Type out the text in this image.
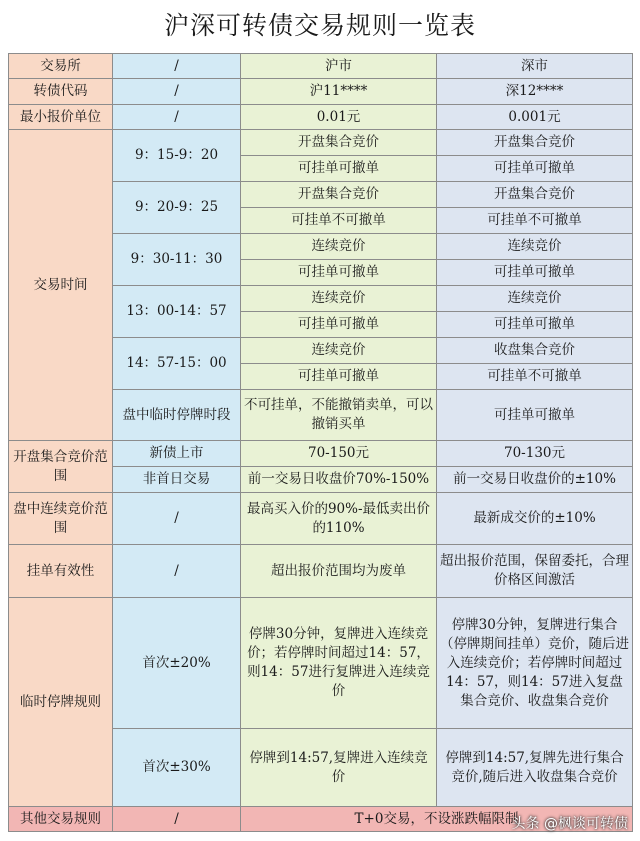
沪深可转债交易规则一览表
交易所	/	沪市	深市
转债代码	/	沪11****	深12****
最小报价单位	/	0.01元	0.001元
交易时间	9：15-9：20	开盘集合竞价	开盘集合竞价
		可挂单可撤单	可挂单可撤单
	9：20-9：25	开盘集合竞价	开盘集合竞价
		可挂单不可撤单	可挂单不可撤单
	9：30-11：30	连续竞价	连续竞价
		可挂单可撤单	可挂单可撤单
	13：00-14：57	连续竞价	连续竞价
		可挂单可撤单	可挂单可撤单
	14：57-15：00	连续竞价	收盘集合竞价
		可挂单可撤单	可挂单不可撤单
	盘中临时停牌时段	不可挂单，不能撤销卖单，可以撤销买单	可挂单可撤单

开盘集合竞价范围	新债上市	70-150元	70-130元
	非首日交易	前一交易日收盘价70%-150%	前一交易日收盘价的±10%
盘中连续竞价范围	/	最高买入价的90%-最低卖出价的110%	最新成交价的±10%
挂单有效性	/	超出报价范围均为废单	超出报价范围，保留委托，合理价格区间激活
临时停牌规则	首次±20%	停牌30分钟，复牌进入连续竞价；若停牌时间超过14：57，则14：57进行复牌进入连续竞价	停牌30分钟，复牌进行集合（停牌期间挂单）竞价，随后进入连续竞价；若停牌时间超过14：57，则14：57进入复盘集合竞价、收盘集合竞价
	首次±30%	停牌到14:57,复牌进入连续竞价	停牌到14:57,复牌先进行集合竞价,随后进入收盘集合竞价
其他交易规则	/	T+0交易，不设涨跌幅限制	
头条 @枫谈可转债
